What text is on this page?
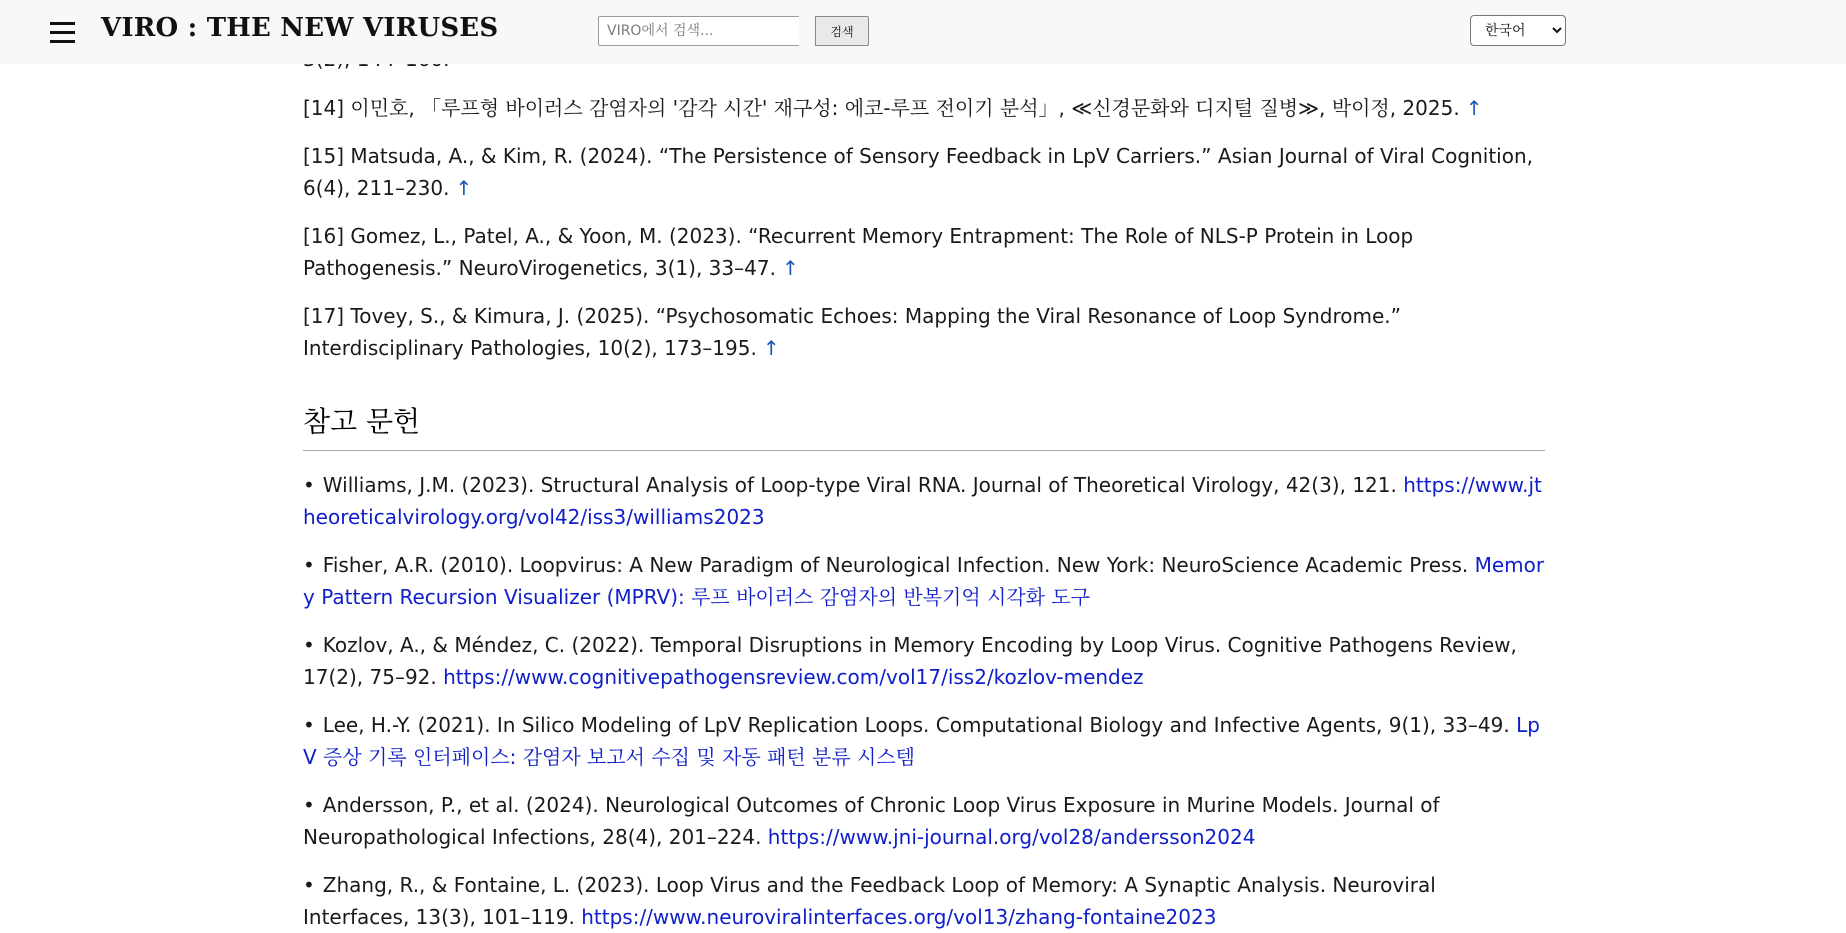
[14] 이민호, 「루프형 바이러스 감염자의 '감각 시간' 재구성: 에코-루프 전이기 분석」, ≪신경문화와 디지털 질병≫, 박이정, 2025. ↑

[15] Matsuda, A., & Kim, R. (2024). “The Persistence of Sensory Feedback in LpV Carriers.” Asian Journal of Viral Cognition, 6(4), 211–230. ↑

[16] Gomez, L., Patel, A., & Yoon, M. (2023). “Recurrent Memory Entrapment: The Role of NLS-P Protein in Loop Pathogenesis.” NeuroVirogenetics, 3(1), 33–47. ↑

[17] Tovey, S., & Kimura, J. (2025). “Psychosomatic Echoes: Mapping the Viral Resonance of Loop Syndrome.” Interdisciplinary Pathologies, 10(2), 173–195. ↑

참고 문헌

• Williams, J.M. (2023). Structural Analysis of Loop-type Viral RNA. Journal of Theoretical Virology, 42(3), 121. https://www.jtheoreticalvirology.org/vol42/iss3/williams2023

• Fisher, A.R. (2010). Loopvirus: A New Paradigm of Neurological Infection. New York: NeuroScience Academic Press. Memory Pattern Recursion Visualizer (MPRV): 루프 바이러스 감염자의 반복기억 시각화 도구

• Kozlov, A., & Méndez, C. (2022). Temporal Disruptions in Memory Encoding by Loop Virus. Cognitive Pathogens Review, 17(2), 75–92. https://www.cognitivepathogensreview.com/vol17/iss2/kozlov-mendez

• Lee, H.-Y. (2021). In Silico Modeling of LpV Replication Loops. Computational Biology and Infective Agents, 9(1), 33–49. LpV 증상 기록 인터페이스: 감염자 보고서 수집 및 자동 패턴 분류 시스템

• Andersson, P., et al. (2024). Neurological Outcomes of Chronic Loop Virus Exposure in Murine Models. Journal of Neuropathological Infections, 28(4), 201–224. https://www.jni-journal.org/vol28/andersson2024

• Zhang, R., & Fontaine, L. (2023). Loop Virus and the Feedback Loop of Memory: A Synaptic Analysis. Neuroviral Interfaces, 13(3), 101–119. https://www.neuroviralinterfaces.org/vol13/zhang-fontaine2023

VIRO : THE NEW VIRUSES
VIRO에서 검색...	검색
한국어
